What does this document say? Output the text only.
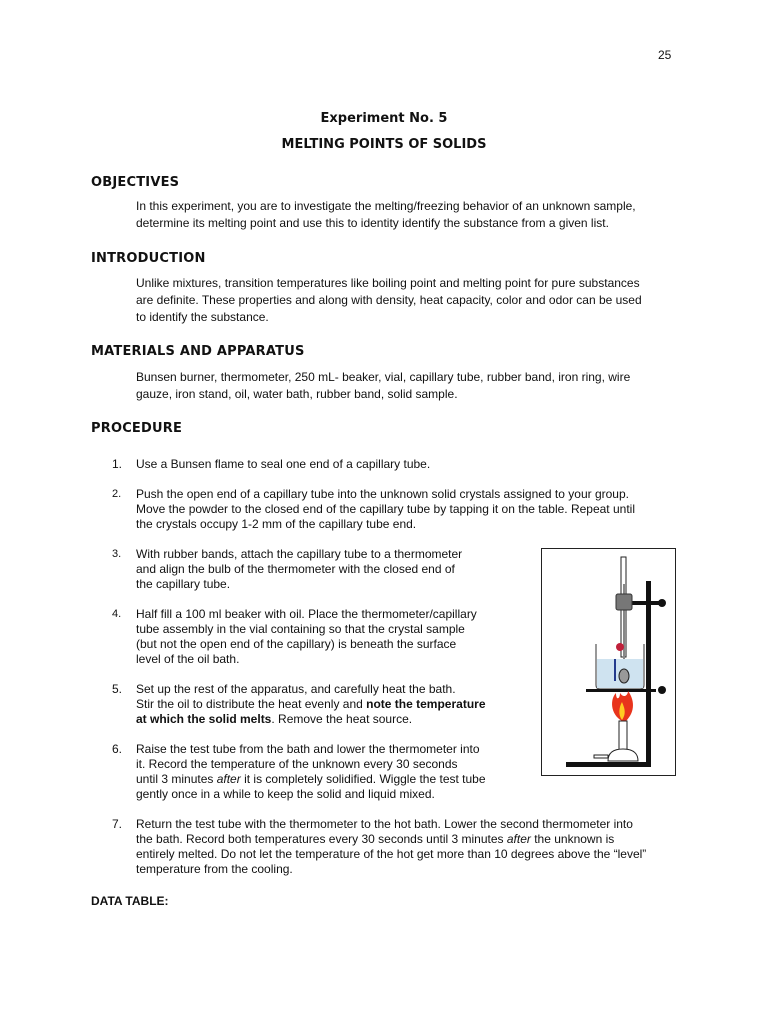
25
Experiment No. 5
MELTING POINTS OF SOLIDS
OBJECTIVES
In this experiment, you are to investigate the melting/freezing behavior of an unknown sample,
determine its melting point and use this to identity identify the substance from a given list.
INTRODUCTION
Unlike mixtures, transition temperatures like boiling point and melting point for pure substances
are definite. These properties and along with density, heat capacity, color and odor can be used
to identify the substance.
MATERIALS AND APPARATUS
Bunsen burner, thermometer, 250 mL- beaker, vial, capillary tube, rubber band, iron ring, wire
gauze, iron stand, oil, water bath, rubber band, solid sample.
PROCEDURE
1.	Use a Bunsen flame to seal one end of a capillary tube.
2.	Push the open end of a capillary tube into the unknown solid crystals assigned to your group.
Move the powder to the closed end of the capillary tube by tapping it on the table. Repeat until
the crystals occupy 1-2 mm of the capillary tube end.
3.	With rubber bands, attach the capillary tube to a thermometer
and align the bulb of the thermometer with the closed end of
the capillary tube.
4.	Half fill a 100 ml beaker with oil. Place the thermometer/capillary
tube assembly in the vial containing so that the crystal sample
(but not the open end of the capillary) is beneath the surface
level of the oil bath.
5.	Set up the rest of the apparatus, and carefully heat the bath.
Stir the oil to distribute the heat evenly and note the temperature
at which the solid melts. Remove the heat source.
6.	Raise the test tube from the bath and lower the thermometer into
it. Record the temperature of the unknown every 30 seconds
until 3 minutes after it is completely solidified. Wiggle the test tube
gently once in a while to keep the solid and liquid mixed.
7.	Return the test tube with the thermometer to the hot bath. Lower the second thermometer into
the bath. Record both temperatures every 30 seconds until 3 minutes after the unknown is
entirely melted. Do not let the temperature of the hot get more than 10 degrees above the “level”
temperature from the cooling.
DATA TABLE:
